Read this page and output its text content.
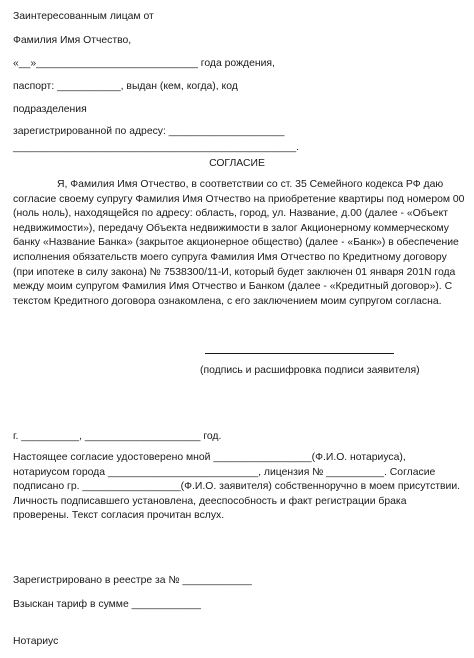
Заинтересованным лицам от
Фамилия Имя Отчество,
«__»____________________________ года рождения,
паспорт: ___________, выдан (кем, когда), код
подразделения
зарегистрированной по адресу: ____________________
_________________________________________________.
СОГЛАСИЕ
Я, Фамилия Имя Отчество, в соответствии со ст. 35 Семейного кодекса РФ даю согласие своему супругу Фамилия Имя Отчество на приобретение квартиры под номером 00 (ноль ноль), находящейся по адресу: область, город, ул. Название, д.00 (далее - «Объект недвижимости»), передачу Объекта недвижимости в залог Акционерному коммерческому банку «Название Банка» (закрытое акционерное общество) (далее - «Банк») в обеспечение исполнения обязательств моего супруга Фамилия Имя Отчество по Кредитному договору (при ипотеке в силу закона) № 7538300/11-И, который будет заключен 01 января 201N года между моим супругом Фамилия Имя Отчество и Банком (далее - «Кредитный договор»). С текстом Кредитного договора ознакомлена, с его заключением моим супругом согласна.
(подпись и расшифровка подписи заявителя)
г. __________, ____________________ год.
Настоящее согласие удостоверено мной _________________(Ф.И.О. нотариуса), нотариусом города __________________________, лицензия № __________. Согласие подписано гр. _________________(Ф.И.О. заявителя) собственноручно в моем присутствии. Личность подписавшего установлена, дееспособность и факт регистрации брака проверены. Текст согласия прочитан вслух.
Зарегистрировано в реестре за № ____________
Взыскан тариф в сумме ____________
Нотариус
